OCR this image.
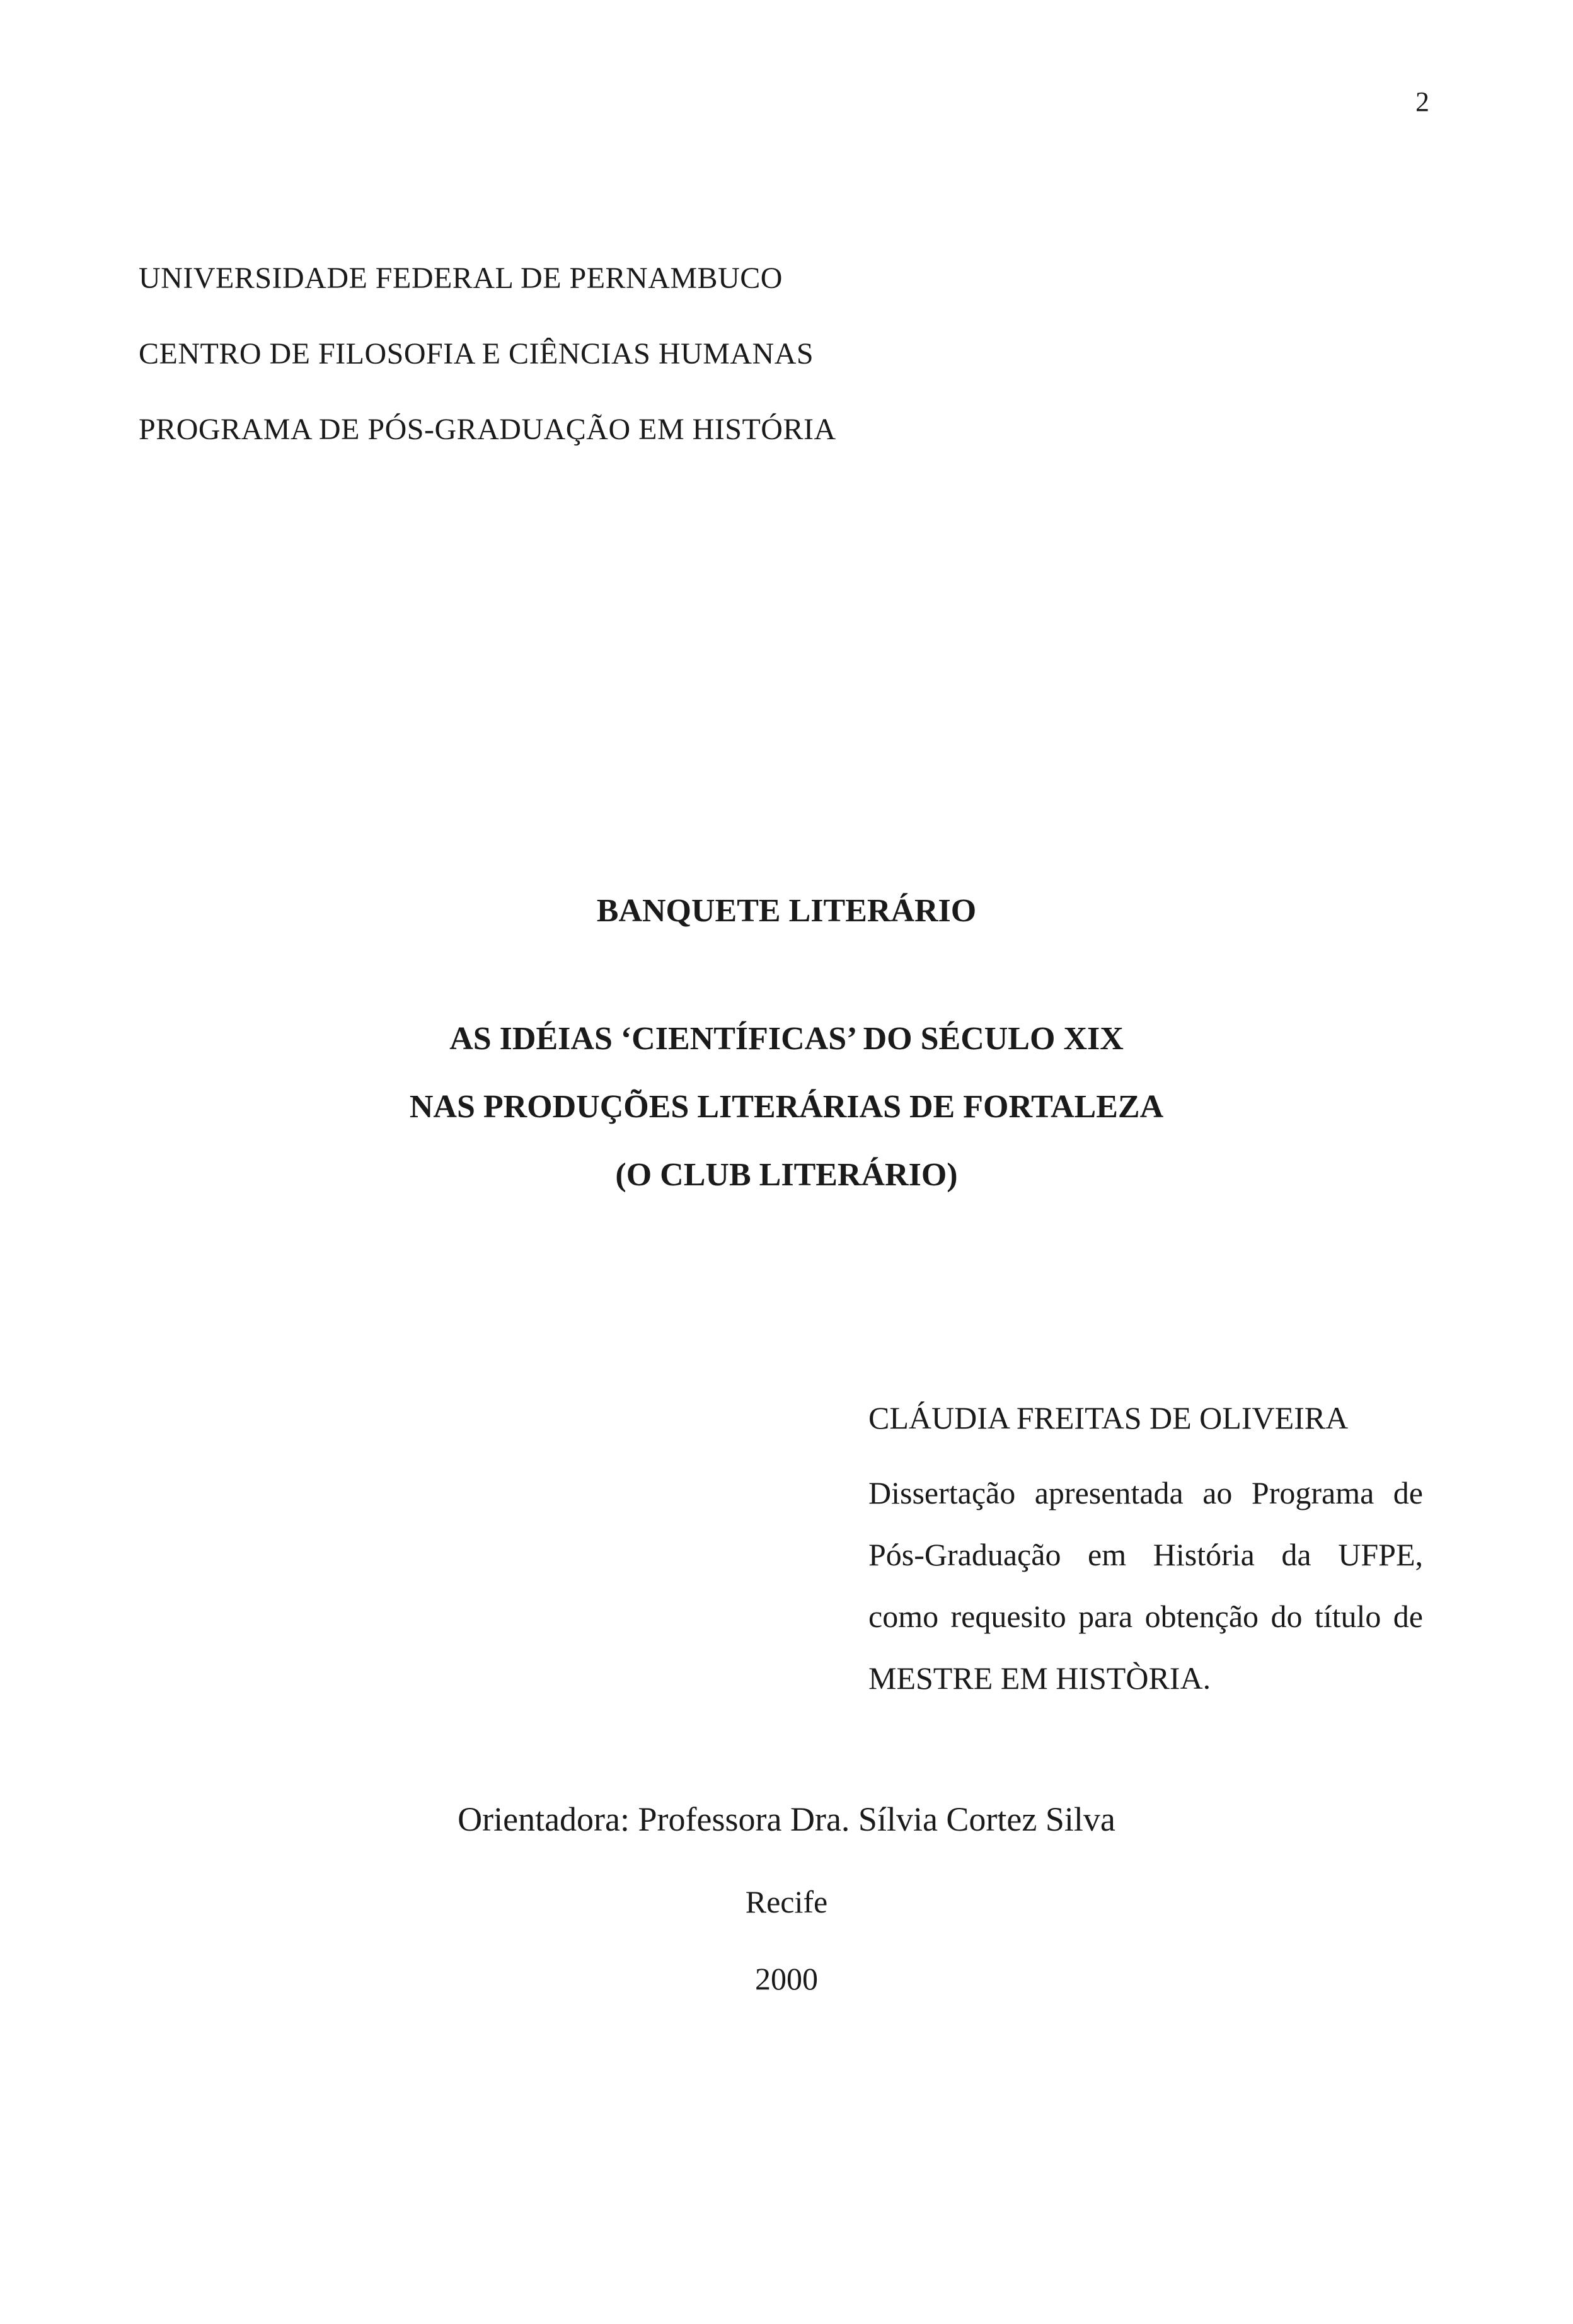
2
UNIVERSIDADE FEDERAL DE PERNAMBUCO
CENTRO DE FILOSOFIA E CIÊNCIAS HUMANAS
PROGRAMA DE PÓS-GRADUAÇÃO EM HISTÓRIA
BANQUETE LITERÁRIO
AS IDÉIAS ‘CIENTÍFICAS’ DO SÉCULO XIX
NAS PRODUÇÕES LITERÁRIAS DE FORTALEZA
(O CLUB LITERÁRIO)
CLÁUDIA FREITAS DE OLIVEIRA
Dissertação apresentada ao Programa de Pós-Graduação em História da UFPE, como requesito para obtenção do título de MESTRE EM HISTÒRIA.
Orientadora: Professora Dra. Sílvia Cortez Silva
Recife
2000
